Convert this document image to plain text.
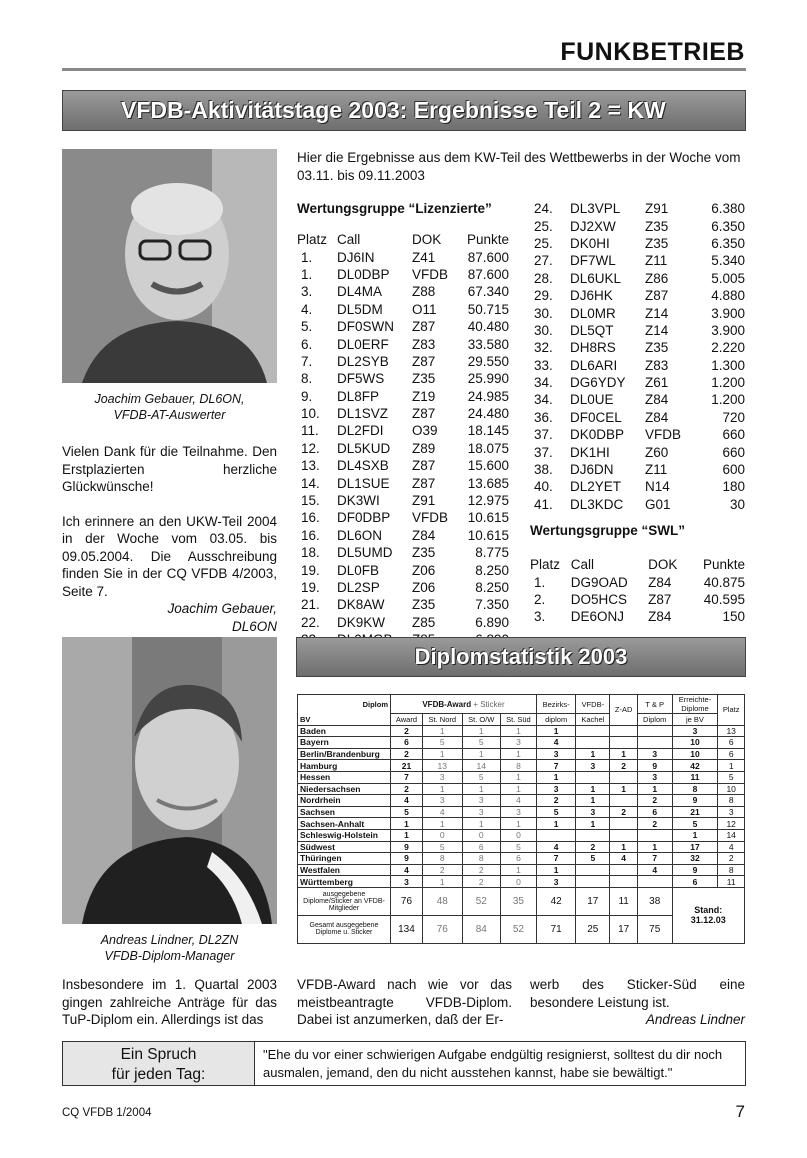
FUNKBETRIEB
VFDB-Aktivitätstage 2003: Ergebnisse Teil 2 = KW
Joachim Gebauer, DL6ON,
VFDB-AT-Auswerter

Vielen Dank für die Teilnahme. Den Erstplazierten herzliche Glückwünsche!

Ich erinnere an den UKW-Teil 2004 in der Woche vom 03.05. bis 09.05.2004. Die Ausschreibung finden Sie in der CQ VFDB 4/2003, Seite 7.

Joachim Gebauer,
DL6ON
Hier die Ergebnisse aus dem KW-Teil des Wettbewerbs in der Woche vom 03.11. bis 09.11.2003
Wertungsgruppe “Lizenzierte”
Platz	Call	DOK	Punkte
1.	DJ6IN	Z41	87.600
1.	DL0DBP	VFDB	87.600
3.	DL4MA	Z88	67.340
4.	DL5DM	O11	50.715
5.	DF0SWN	Z87	40.480
6.	DL0ERF	Z83	33.580
7.	DL2SYB	Z87	29.550
8.	DF5WS	Z35	25.990
9.	DL8FP	Z19	24.985
10.	DL1SVZ	Z87	24.480
11.	DL2FDI	O39	18.145
12.	DL5KUD	Z89	18.075
13.	DL4SXB	Z87	15.600
14.	DL1SUE	Z87	13.685
15.	DK3WI	Z91	12.975
16.	DF0DBP	VFDB	10.615
16.	DL6ON	Z84	10.615
18.	DL5UMD	Z35	8.775
19.	DL0FB	Z06	8.250
19.	DL2SP	Z06	8.250
21.	DK8AW	Z35	7.350
22.	DK9KW	Z85	6.890

24.	DL3VPL	Z91	6.380
25.	DJ2XW	Z35	6.350
25.	DK0HI	Z35	6.350
27.	DF7WL	Z11	5.340
28.	DL6UKL	Z86	5.005
29.	DJ6HK	Z87	4.880
30.	DL0MR	Z14	3.900
30.	DL5QT	Z14	3.900
32.	DH8RS	Z35	2.220
33.	DL6ARI	Z83	1.300
34.	DG6YDY	Z61	1.200
34.	DL0UE	Z84	1.200
36.	DF0CEL	Z84	720
37.	DK0DBP	VFDB	660
37.	DK1HI	Z60	660
38.	DJ6DN	Z11	600
40.	DL2YET	N14	180
41.	DL3KDC	G01	30
Wertungsgruppe “SWL”
Platz	Call	DOK	Punkte
1.	DG9OAD	Z84	40.875
2.	DO5HCS	Z87	40.595
3.	DE6ONJ	Z84	150
Andreas Lindner, DL2ZN
VFDB-Diplom-Manager
Diplomstatistik 2003
Diplom	VFDB-Award + Sticker				Bezirks-	VFDB-	Z-AD	T & P	Erreichte-
Diplome	Platz
BV	Award	St. Nord	St. O/W	St. Süd	diplom	Kachel		Diplom	je BV	
Baden	2	1	1	1	1				3	13
Bayern	6	5	5	3	4				10	6
Berlin/Brandenburg	2	1	1	1	3	1	1	3	10	6
Hamburg	21	13	14	8	7	3	2	9	42	1
Hessen	7	3	5	1	1			3	11	5
Niedersachsen	2	1	1	1	3	1	1	1	8	10
Nordrhein	4	3	3	4	2	1		2	9	8
Sachsen	5	4	3	3	5	3	2	6	21	3
Sachsen-Anhalt	1	1	1	1	1	1		2	5	12
Schleswig-Holstein	1	0	0	0					1	14
Südwest	9	5	6	5	4	2	1	1	17	4
Thüringen	9	8	8	6	7	5	4	7	32	2
Westfalen	4	2	2	1	1			4	9	8
Württemberg	3	1	2	0	3				6	11
ausgegebene Diplome/Sticker an VFDB-Mitglieder	76	48	52	35	42	17	11	38	Stand:
31.12.03	

Gesamt ausgegebene Diplome u. Sticker	134	76	84	52	71	25	17	75		
Insbesondere im 1. Quartal 2003 gingen zahlreiche Anträge für das TuP-Diplom ein. Allerdings ist das
VFDB-Award nach wie vor das meistbeantragte VFDB-Diplom. Dabei ist anzumerken, daß der Er-
werb des Sticker-Süd eine besondere Leistung ist.
Andreas Lindner
Ein Spruch
für jeden Tag:
"Ehe du vor einer schwierigen Aufgabe endgültig resignierst, solltest du dir noch ausmalen, jemand, den du nicht ausstehen kannst, habe sie bewältigt."
CQ VFDB 1/2004	7
